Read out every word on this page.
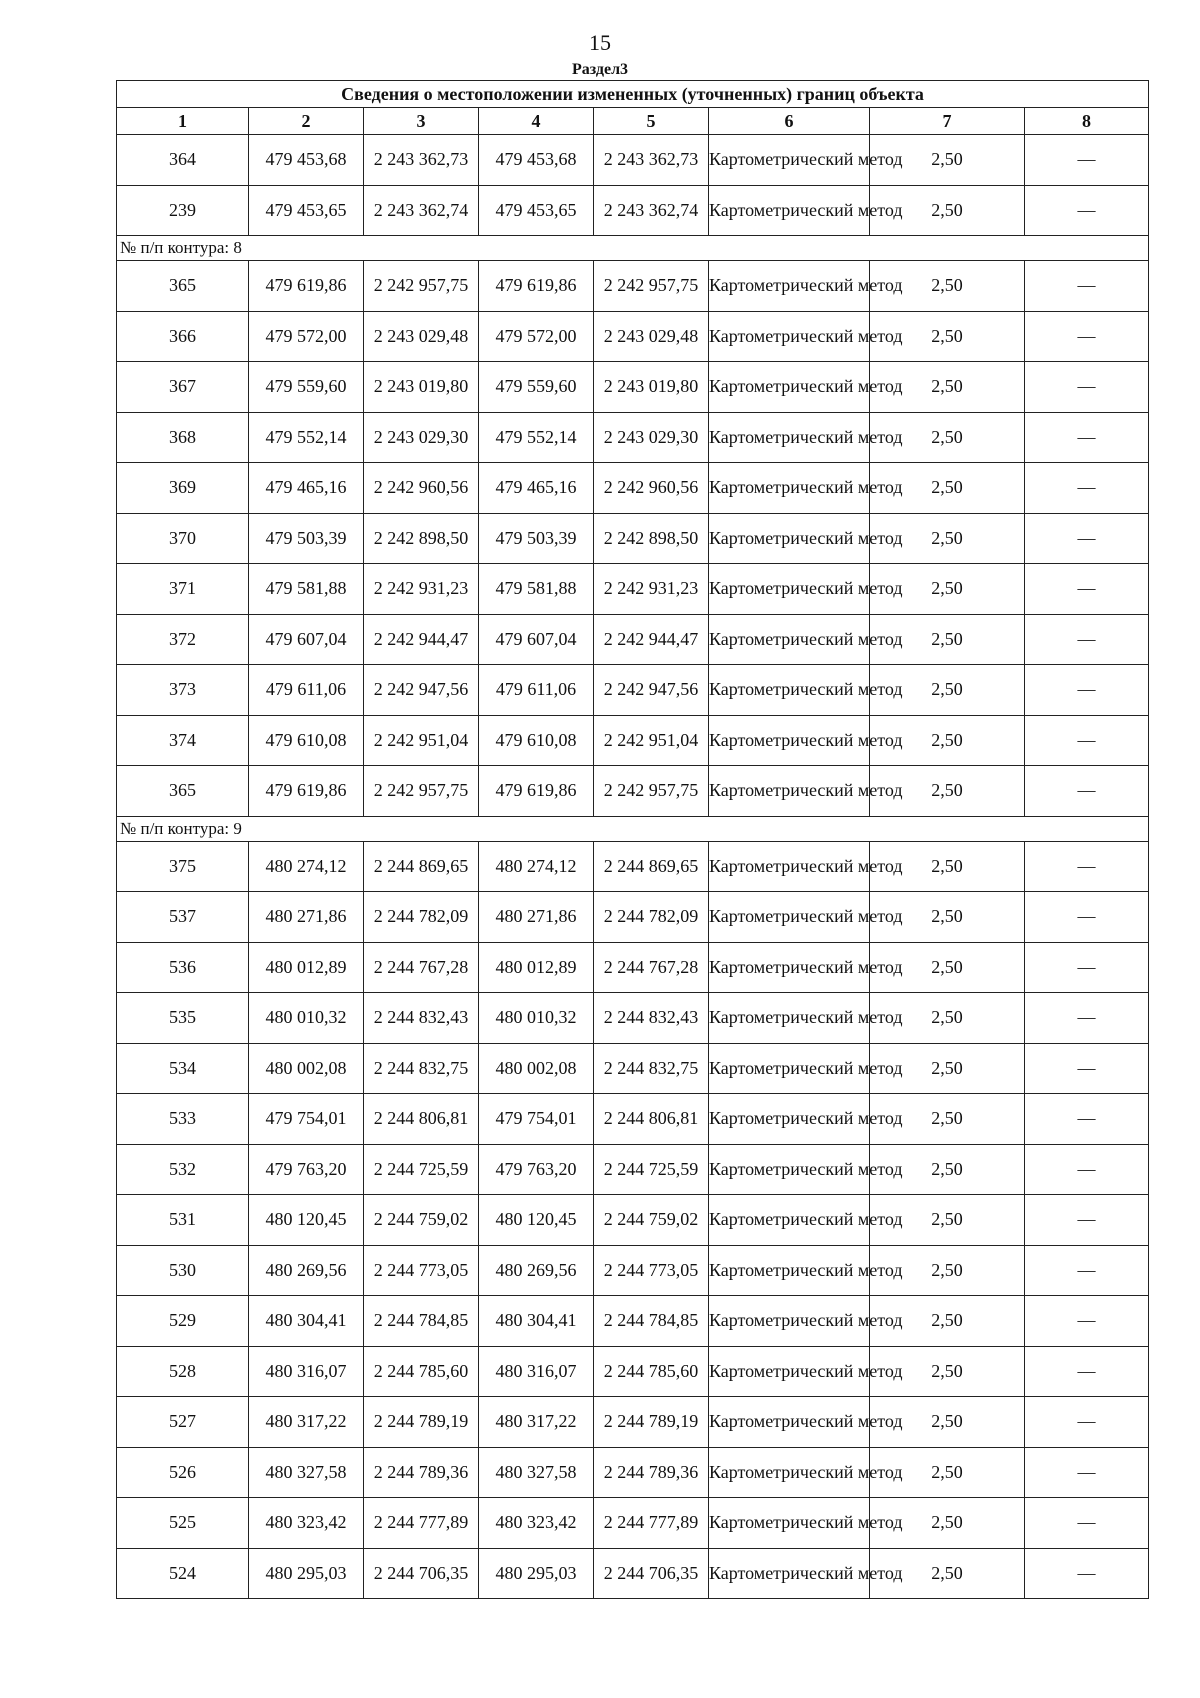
15
Раздел3
Сведения о местоположении измененных (уточненных) границ объекта							
1	2	3	4	5	6	7	8
364	479 453,68	2 243 362,73	479 453,68	2 243 362,73	Картометрический метод	2,50	—
239	479 453,65	2 243 362,74	479 453,65	2 243 362,74	Картометрический метод	2,50	—
№ п/п контура: 8							
365	479 619,86	2 242 957,75	479 619,86	2 242 957,75	Картометрический метод	2,50	—
366	479 572,00	2 243 029,48	479 572,00	2 243 029,48	Картометрический метод	2,50	—
367	479 559,60	2 243 019,80	479 559,60	2 243 019,80	Картометрический метод	2,50	—
368	479 552,14	2 243 029,30	479 552,14	2 243 029,30	Картометрический метод	2,50	—
369	479 465,16	2 242 960,56	479 465,16	2 242 960,56	Картометрический метод	2,50	—
370	479 503,39	2 242 898,50	479 503,39	2 242 898,50	Картометрический метод	2,50	—
371	479 581,88	2 242 931,23	479 581,88	2 242 931,23	Картометрический метод	2,50	—
372	479 607,04	2 242 944,47	479 607,04	2 242 944,47	Картометрический метод	2,50	—
373	479 611,06	2 242 947,56	479 611,06	2 242 947,56	Картометрический метод	2,50	—
374	479 610,08	2 242 951,04	479 610,08	2 242 951,04	Картометрический метод	2,50	—
365	479 619,86	2 242 957,75	479 619,86	2 242 957,75	Картометрический метод	2,50	—
№ п/п контура: 9							
375	480 274,12	2 244 869,65	480 274,12	2 244 869,65	Картометрический метод	2,50	—
537	480 271,86	2 244 782,09	480 271,86	2 244 782,09	Картометрический метод	2,50	—
536	480 012,89	2 244 767,28	480 012,89	2 244 767,28	Картометрический метод	2,50	—
535	480 010,32	2 244 832,43	480 010,32	2 244 832,43	Картометрический метод	2,50	—
534	480 002,08	2 244 832,75	480 002,08	2 244 832,75	Картометрический метод	2,50	—
533	479 754,01	2 244 806,81	479 754,01	2 244 806,81	Картометрический метод	2,50	—
532	479 763,20	2 244 725,59	479 763,20	2 244 725,59	Картометрический метод	2,50	—
531	480 120,45	2 244 759,02	480 120,45	2 244 759,02	Картометрический метод	2,50	—
530	480 269,56	2 244 773,05	480 269,56	2 244 773,05	Картометрический метод	2,50	—
529	480 304,41	2 244 784,85	480 304,41	2 244 784,85	Картометрический метод	2,50	—
528	480 316,07	2 244 785,60	480 316,07	2 244 785,60	Картометрический метод	2,50	—
527	480 317,22	2 244 789,19	480 317,22	2 244 789,19	Картометрический метод	2,50	—
526	480 327,58	2 244 789,36	480 327,58	2 244 789,36	Картометрический метод	2,50	—
525	480 323,42	2 244 777,89	480 323,42	2 244 777,89	Картометрический метод	2,50	—
524	480 295,03	2 244 706,35	480 295,03	2 244 706,35	Картометрический метод	2,50	—
